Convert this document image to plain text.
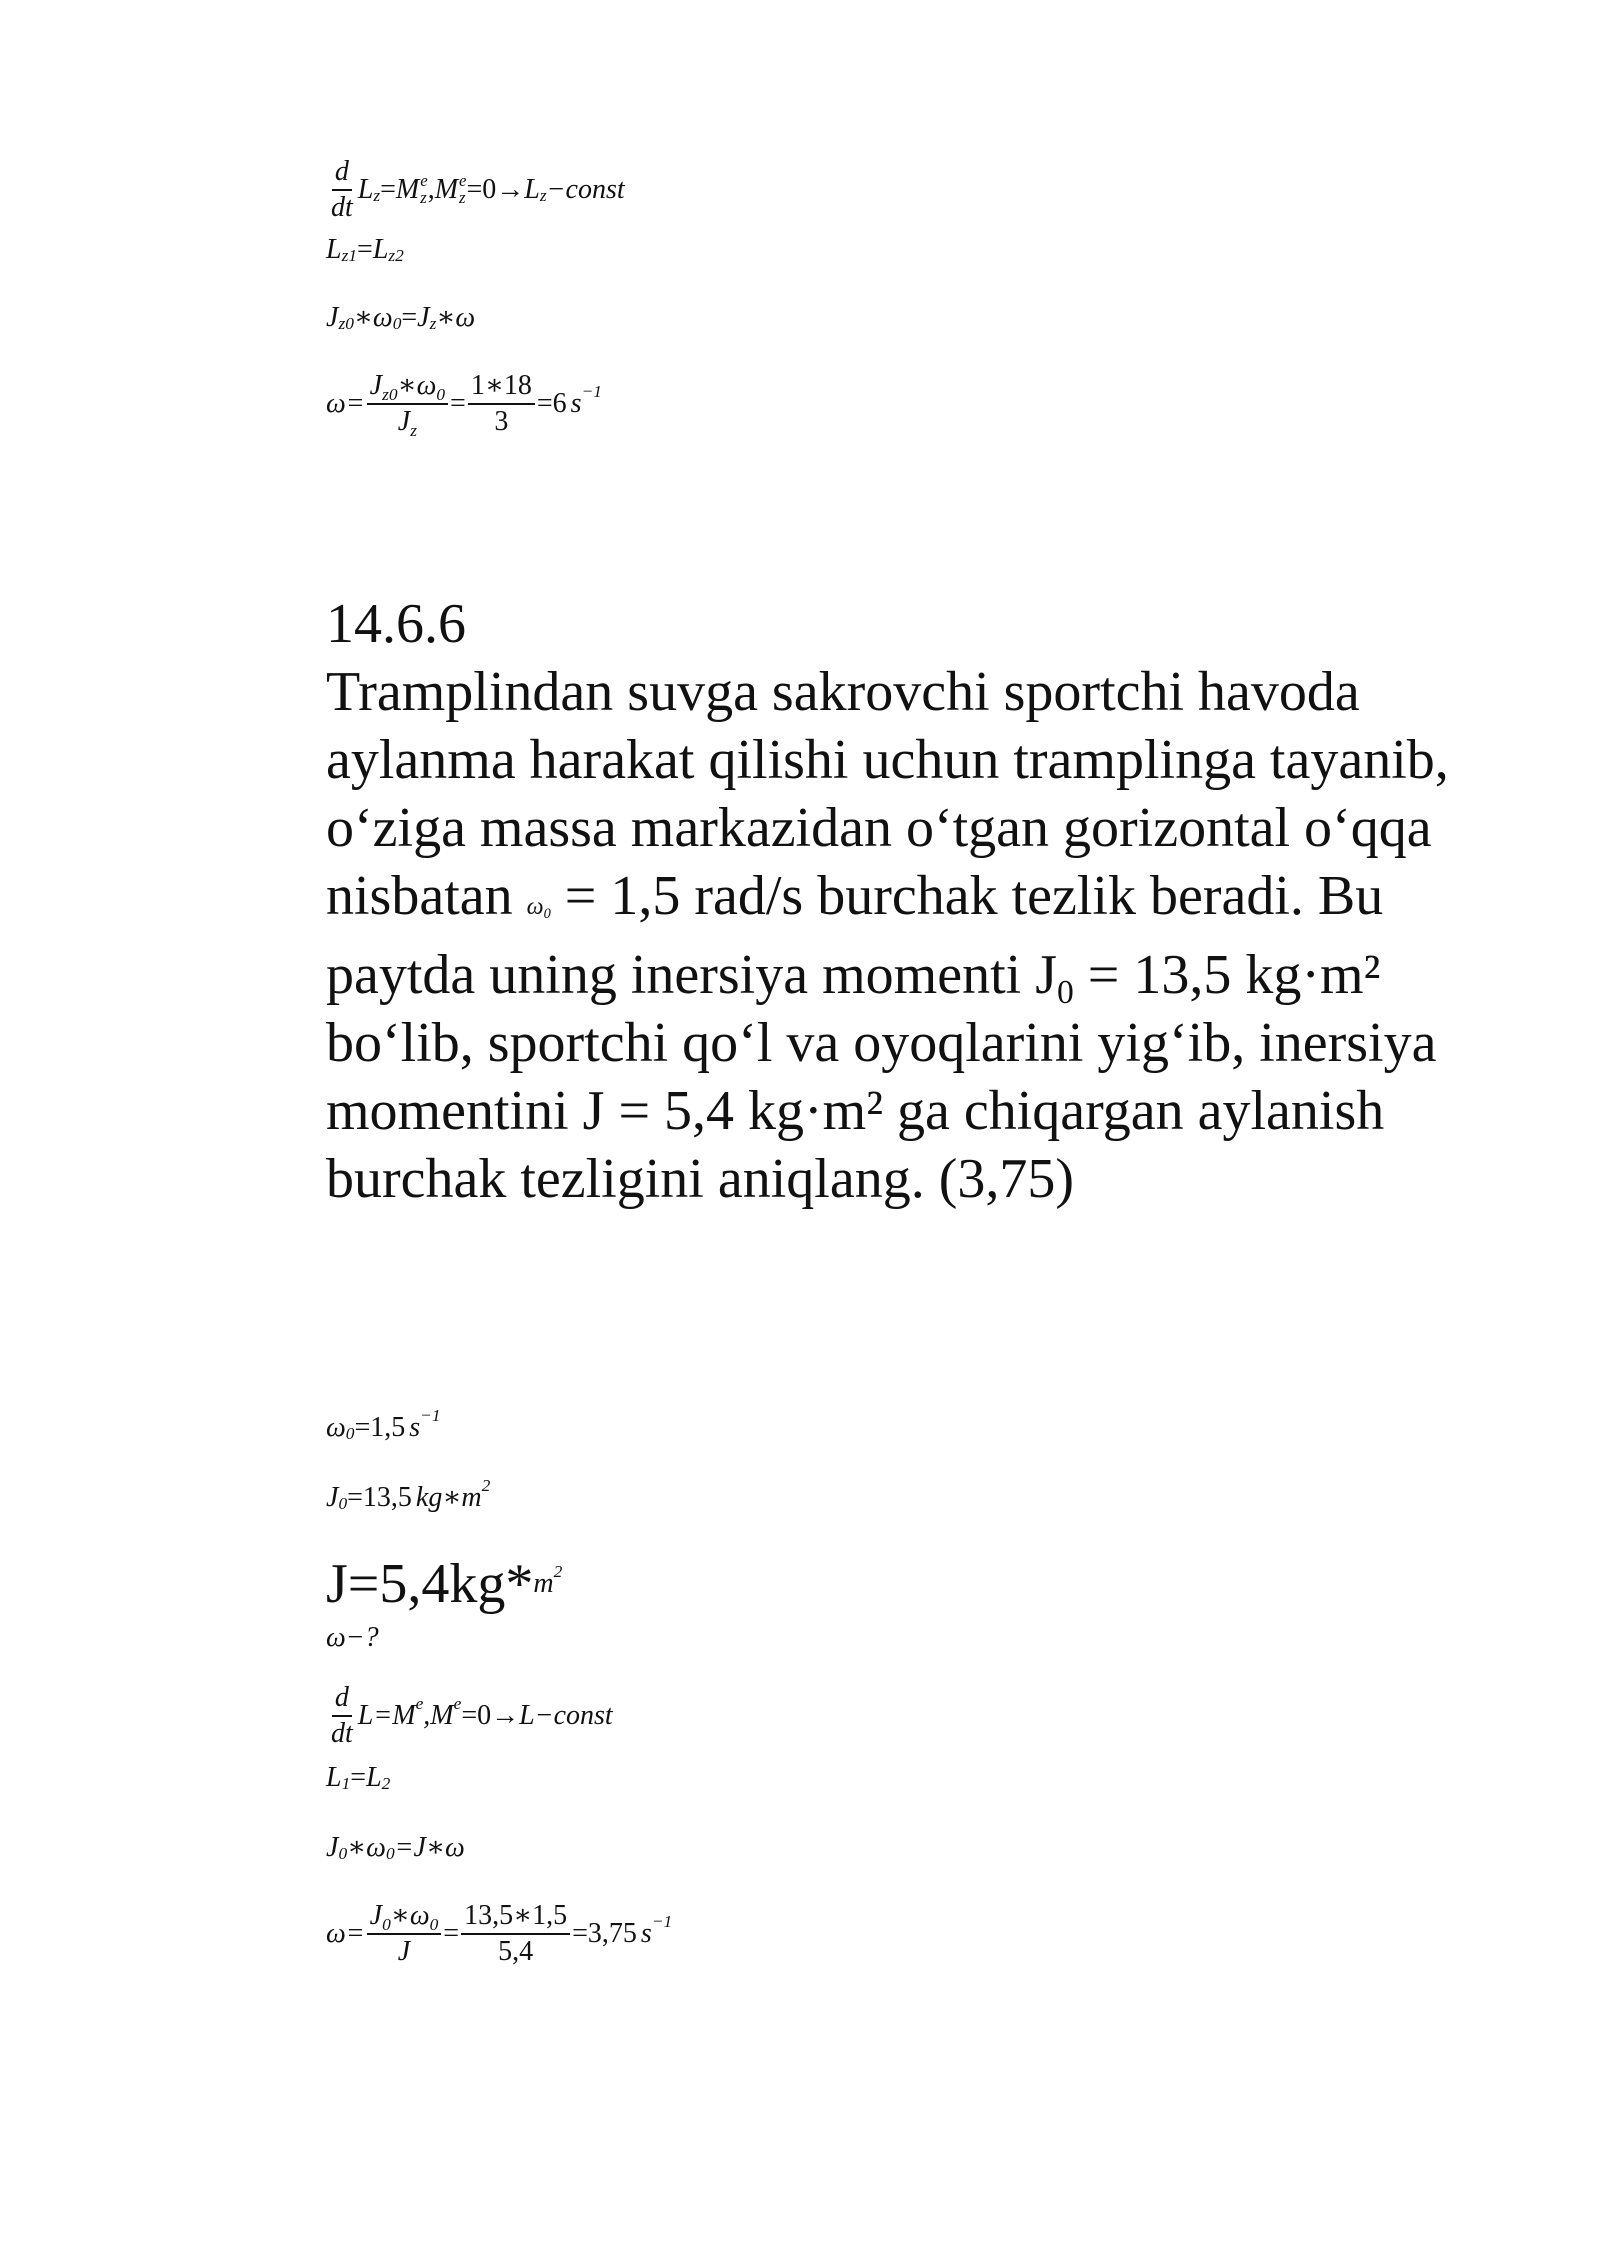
$\frac{d}{dt} L_z = M$ e
z , M e
$z =0 \to L_z$ −const
$L_{z1} = L_{z2}$
$J_{z0}$ $∗\omega_0 = J_z$ ∗ω
$\omega= \frac{J_{z0}∗\omega_0}{J_z} = \frac{1∗18}{3} =6$ $s^{-1}$
14.6.6
Tramplindan suvga sakrovchi sportchi havoda aylanma harakat qilishi uchun tramplinga tayanib, o‘ziga massa markazidan o‘tgan gorizontal o‘qqa nisbatan $\omega_0 = 1,5$ rad/s burchak tezlik beradi. Bu paytda uning inersiya momenti $J_0 = 13,5$ kg·m² bo‘lib, sportchi qo‘l va oyoqlarini yig‘ib, inersiya momentini J = 5,4 kg·m² ga chiqargan aylanish burchak tezligini aniqlang. (3,75)
$\omega_0 =1,5$ $s^{-1}$
$J_0 =13,5$ $kg∗m^2$
J=5,4kg* $m^2$
ω−?
$\frac{d}{dt} L=M^e$ $,M^e =0$ → L−const
$L_1 = L_2$
$J_0$ $∗\omega_0$ =J∗ω
$\omega= \frac{J_0∗\omega_0}{J} = \frac{13,5∗1,5}{5,4} =3,75$ $s^{-1}$
